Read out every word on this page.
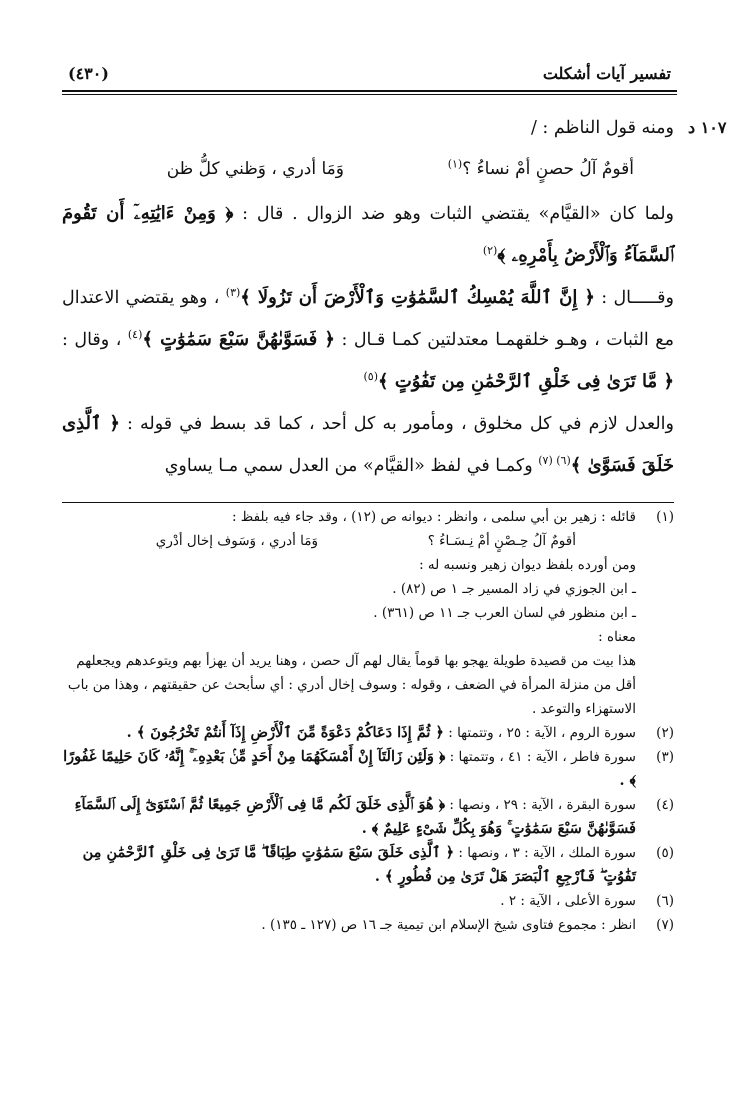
تفسير آيات أشكلت
(٤٣٠)
١٠٧ د

ومنه قول الناظم : /

وَمَا أدري ، وَظني كلُّ ظن	أقومٌ آلُ حصنٍ أمْ نساءُ ؟$^{(١)}$

ولما كان «القيَّام» يقتضي الثبات وهو ضد الزوال . قال : ﴿ وَمِنْ ءَايَٰتِهِۦٓ أَن تَقُومَ ٱلسَّمَآءُ وَٱلْأَرْضُ بِأَمْرِهِۦ ﴾$^{(٢)}$

وقـــــال : ﴿ إِنَّ ٱللَّهَ يُمْسِكُ ٱلسَّمَٰوَٰتِ وَٱلْأَرْضَ أَن تَزُولَا ﴾$^{(٣)}$ ، وهو يقتضي الاعتدال مع الثبات ، وهـو خلقهمـا معتدلتين كمـا قـال : ﴿ فَسَوَّىٰهُنَّ سَبْعَ سَمَٰوَٰتٍ ﴾$^{(٤)}$ ، وقال : ﴿ مَّا تَرَىٰ فِى خَلْقِ ٱلرَّحْمَٰنِ مِن تَفَٰوُتٍ ﴾$^{(٥)}$

والعدل لازم في كل مخلوق ، ومأمور به كل أحد ، كما قد بسط في قوله : ﴿ ٱلَّذِى خَلَقَ فَسَوَّىٰ ﴾$^{(٦) (٧)}$ وكمـا في لفظ «القيَّام» من العدل سمي مـا يساوي

(١)
قائله : زهير بن أبي سلمى ، وانظر : ديوانه ص (١٢) ، وقد جاء فيه بلفظ :
وَمَا أدري ، وَسَوف إخال أدْري	أقومٌ آلُ حِـصْنٍ أمْ نِـسَـاءُ ؟
ومن أورده بلفظ ديوان زهير ونسبه له :
ـ ابن الجوزي في زاد المسير جـ ١ ص (٨٢) .
ـ ابن منظور في لسان العرب جـ ١١ ص (٣٦١) .
معناه :
هذا بيت من قصيدة طويلة يهجو بها قوماً يقال لهم آل حصن ، وهنا يريد أن يهزأ بهم ويتوعدهم ويجعلهم أقل من منزلة المرأة في الضعف ، وقوله : وسوف إخال أدري : أي سأبحث عن حقيقتهم ، وهذا من باب الاستهزاء والتوعد .
(٢)
سورة الروم ، الآية : ٢٥ ، وتتمتها : ﴿ ثُمَّ إِذَا دَعَاكُمْ دَعْوَةً مِّنَ ٱلْأَرْضِ إِذَآ أَنتُمْ تَخْرُجُونَ ﴾ .
(٣)
سورة فاطر ، الآية : ٤١ ، وتتمتها : ﴿ وَلَئِن زَالَتَآ إِنْ أَمْسَكَهُمَا مِنْ أَحَدٍ مِّنۢ بَعْدِهِۦٓ ۚ إِنَّهُۥ كَانَ حَلِيمًا غَفُورًا ﴾ .
(٤)
سورة البقرة ، الآية : ٢٩ ، ونصها : ﴿ هُوَ ٱلَّذِى خَلَقَ لَكُم مَّا فِى ٱلْأَرْضِ جَمِيعًا ثُمَّ ٱسْتَوَىٰٓ إِلَى ٱلسَّمَآءِ فَسَوَّىٰهُنَّ سَبْعَ سَمَٰوَٰتٍ ۚ وَهُوَ بِكُلِّ شَىْءٍ عَلِيمٌ ﴾ .
(٥)
سورة الملك ، الآية : ٣ ، ونصها : ﴿ ٱلَّذِى خَلَقَ سَبْعَ سَمَٰوَٰتٍ طِبَاقًا ۖ مَّا تَرَىٰ فِى خَلْقِ ٱلرَّحْمَٰنِ مِن تَفَٰوُتٍ ۖ فَٱرْجِعِ ٱلْبَصَرَ هَلْ تَرَىٰ مِن فُطُورٍ ﴾ .
(٦)
سورة الأعلى ، الآية : ٢ .
(٧)
انظر : مجموع فتاوى شيخ الإسلام ابن تيمية جـ ١٦ ص (١٢٧ ـ ١٣٥) .
